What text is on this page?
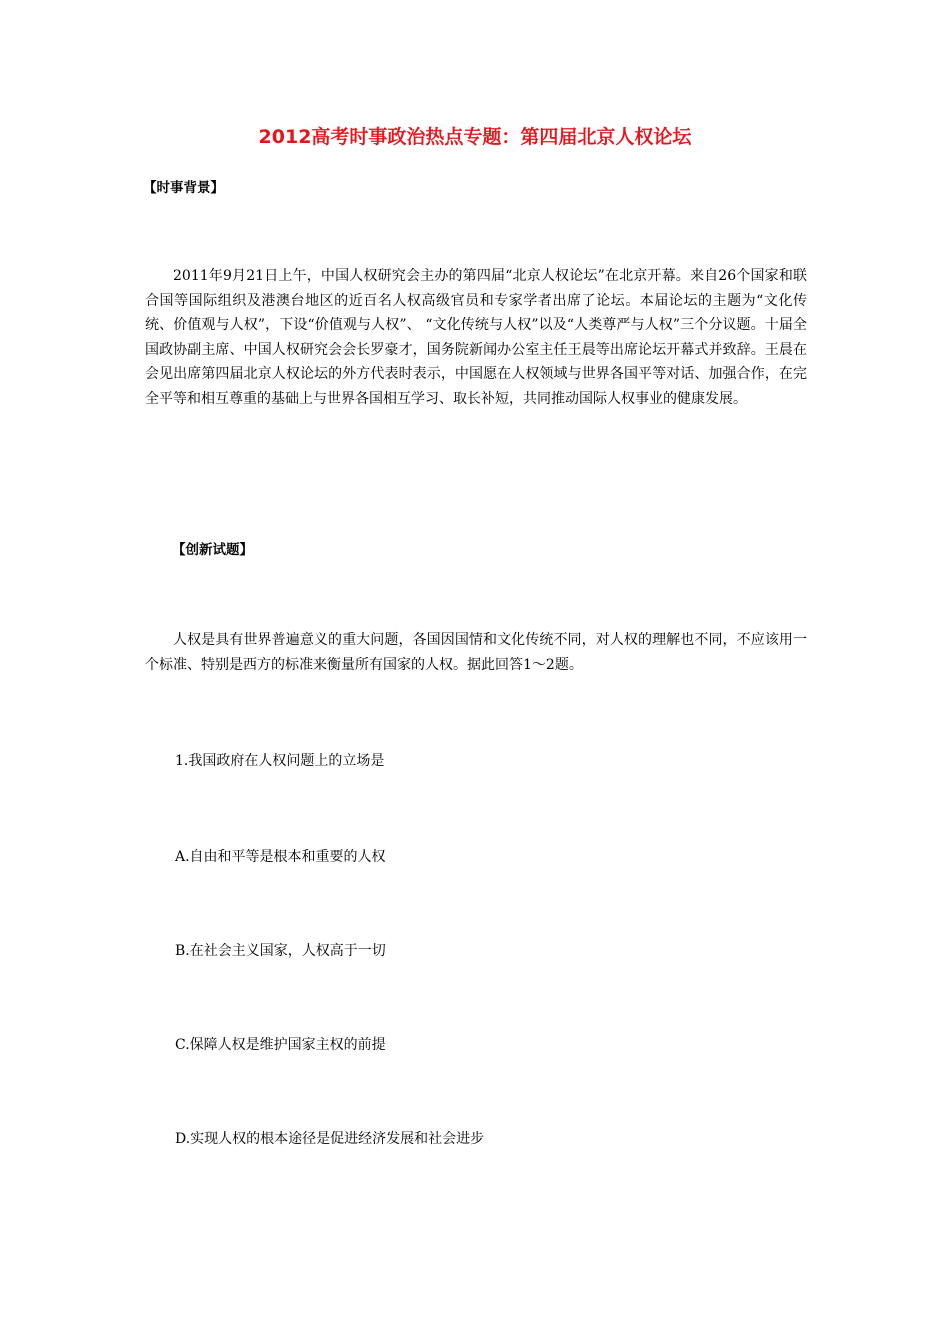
2012高考时事政治热点专题：第四届北京人权论坛
【时事背景】

2011年9月21日上午，中国人权研究会主办的第四届“北京人权论坛”在北京开幕。来自26个国家和联合国等国际组织及港澳台地区的近百名人权高级官员和专家学者出席了论坛。本届论坛的主题为“文化传统、价值观与人权”，下设“价值观与人权”、 “文化传统与人权”以及“人类尊严与人权”三个分议题。十届全国政协副主席、中国人权研究会会长罗豪才，国务院新闻办公室主任王晨等出席论坛开幕式并致辞。王晨在会见出席第四届北京人权论坛的外方代表时表示，中国愿在人权领域与世界各国平等对话、加强合作，在完全平等和相互尊重的基础上与世界各国相互学习、取长补短，共同推动国际人权事业的健康发展。

【创新试题】

人权是具有世界普遍意义的重大问题，各国因国情和文化传统不同，对人权的理解也不同，不应该用一个标准、特别是西方的标准来衡量所有国家的人权。据此回答1～2题。

1.我国政府在人权问题上的立场是
A.自由和平等是根本和重要的人权
B.在社会主义国家，人权高于一切
C.保障人权是维护国家主权的前提
D.实现人权的根本途径是促进经济发展和社会进步
